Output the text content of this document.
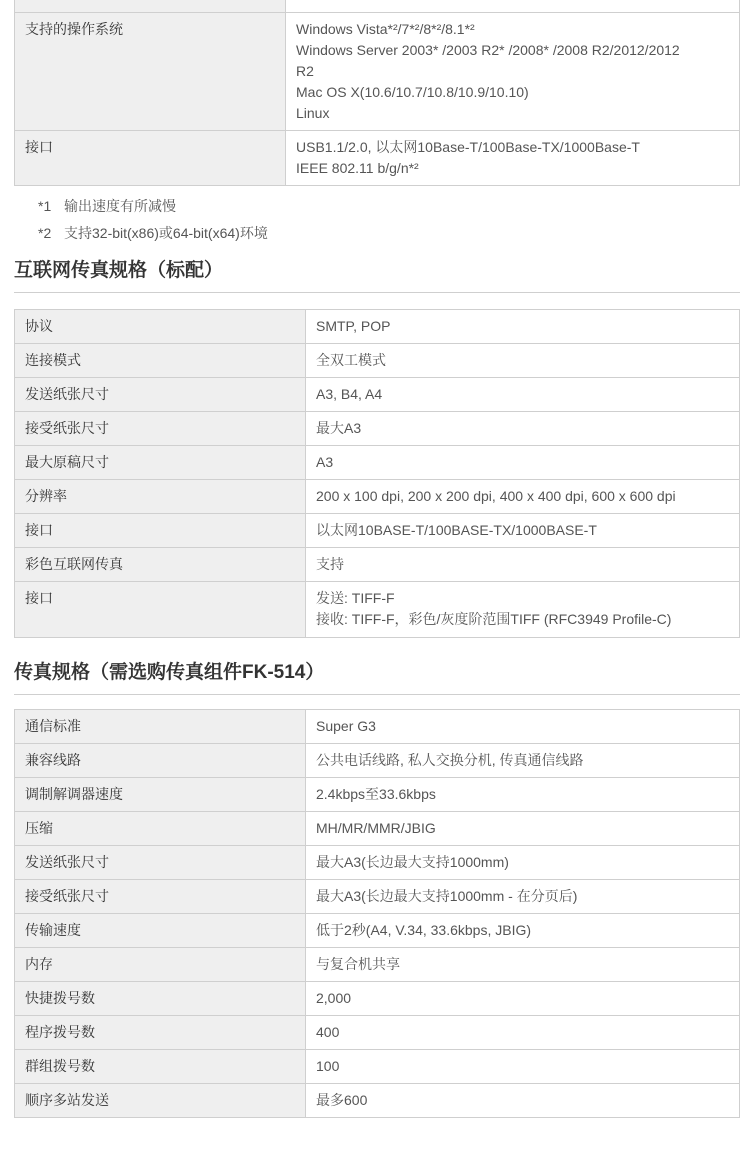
支持的操作系统	Windows Vista*²/7*²/8*²/8.1*²
Windows Server 2003* /2003 R2* /2008* /2008 R2/2012/2012
R2
Mac OS X(10.6/10.7/10.8/10.9/10.10)
Linux

接口	USB1.1/2.0, 以太网10Base-T/100Base-TX/1000Base-T
IEEE 802.11 b/g/n*²
*1 输出速度有所减慢
*2 支持32-bit(x86)或64-bit(x64)环境
互联网传真规格（标配）
协议	SMTP, POP
连接模式	全双工模式
发送纸张尺寸	A3, B4, A4
接受纸张尺寸	最大A3
最大原稿尺寸	A3
分辨率	200 x 100 dpi, 200 x 200 dpi, 400 x 400 dpi, 600 x 600 dpi
接口	以太网10BASE-T/100BASE-TX/1000BASE-T
彩色互联网传真	支持
接口	发送: TIFF-F
接收: TIFF-F，彩色/灰度阶范围TIFF (RFC3949 Profile-C)
传真规格（需选购传真组件FK-514）
通信标准	Super G3
兼容线路	公共电话线路, 私人交换分机, 传真通信线路
调制解调器速度	2.4kbps至33.6kbps
压缩	MH/MR/MMR/JBIG
发送纸张尺寸	最大A3(长边最大支持1000mm)
接受纸张尺寸	最大A3(长边最大支持1000mm - 在分页后)
传输速度	低于2秒(A4, V.34, 33.6kbps, JBIG)
内存	与复合机共享
快捷拨号数	2,000
程序拨号数	400
群组拨号数	100
顺序多站发送	最多600
